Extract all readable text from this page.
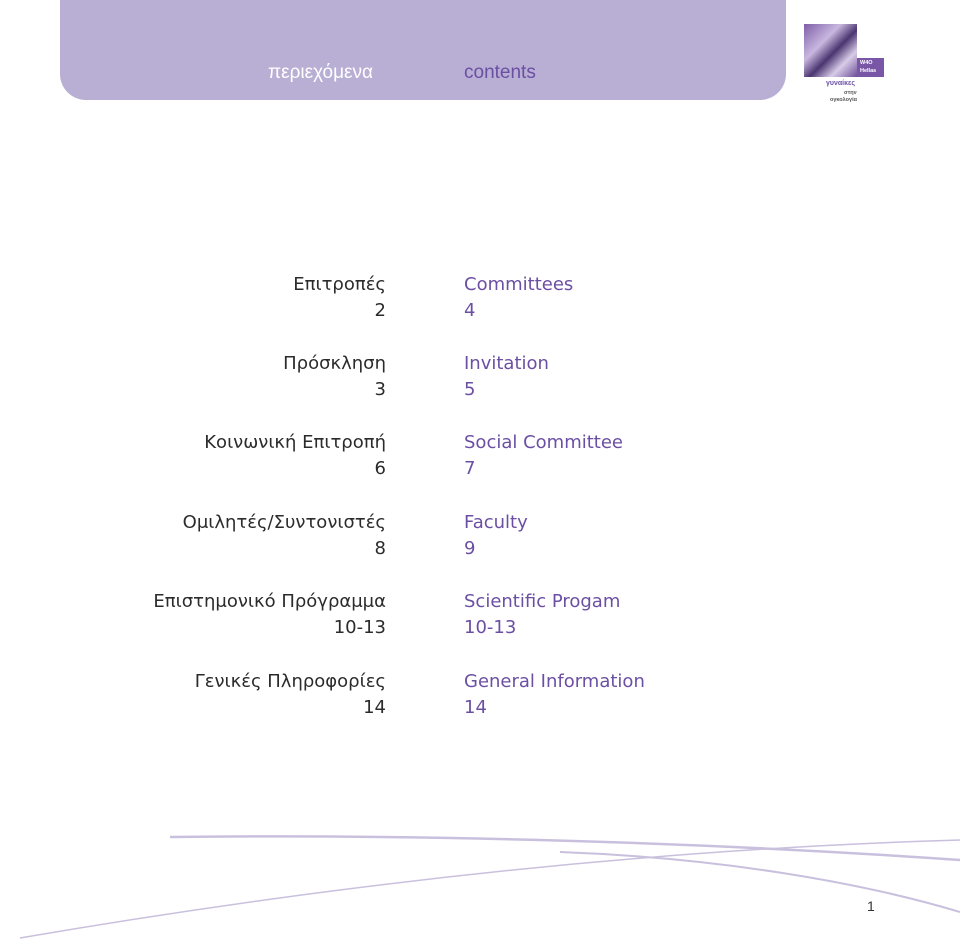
περιεχόμενα	contents	W4O
Hellas
γυναίκες
στην
ογκολογία
Επιτροπές
2
Committees
4
Πρόσκληση
3
Invitation
5
Κοινωνική Επιτροπή
6
Social Committee
7
Ομιλητές/Συντονιστές
8
Faculty
9
Επιστημονικό Πρόγραμμα
10-13
Scientific Progam
10-13
Γενικές Πληροφορίες
14
General Information
14
1
